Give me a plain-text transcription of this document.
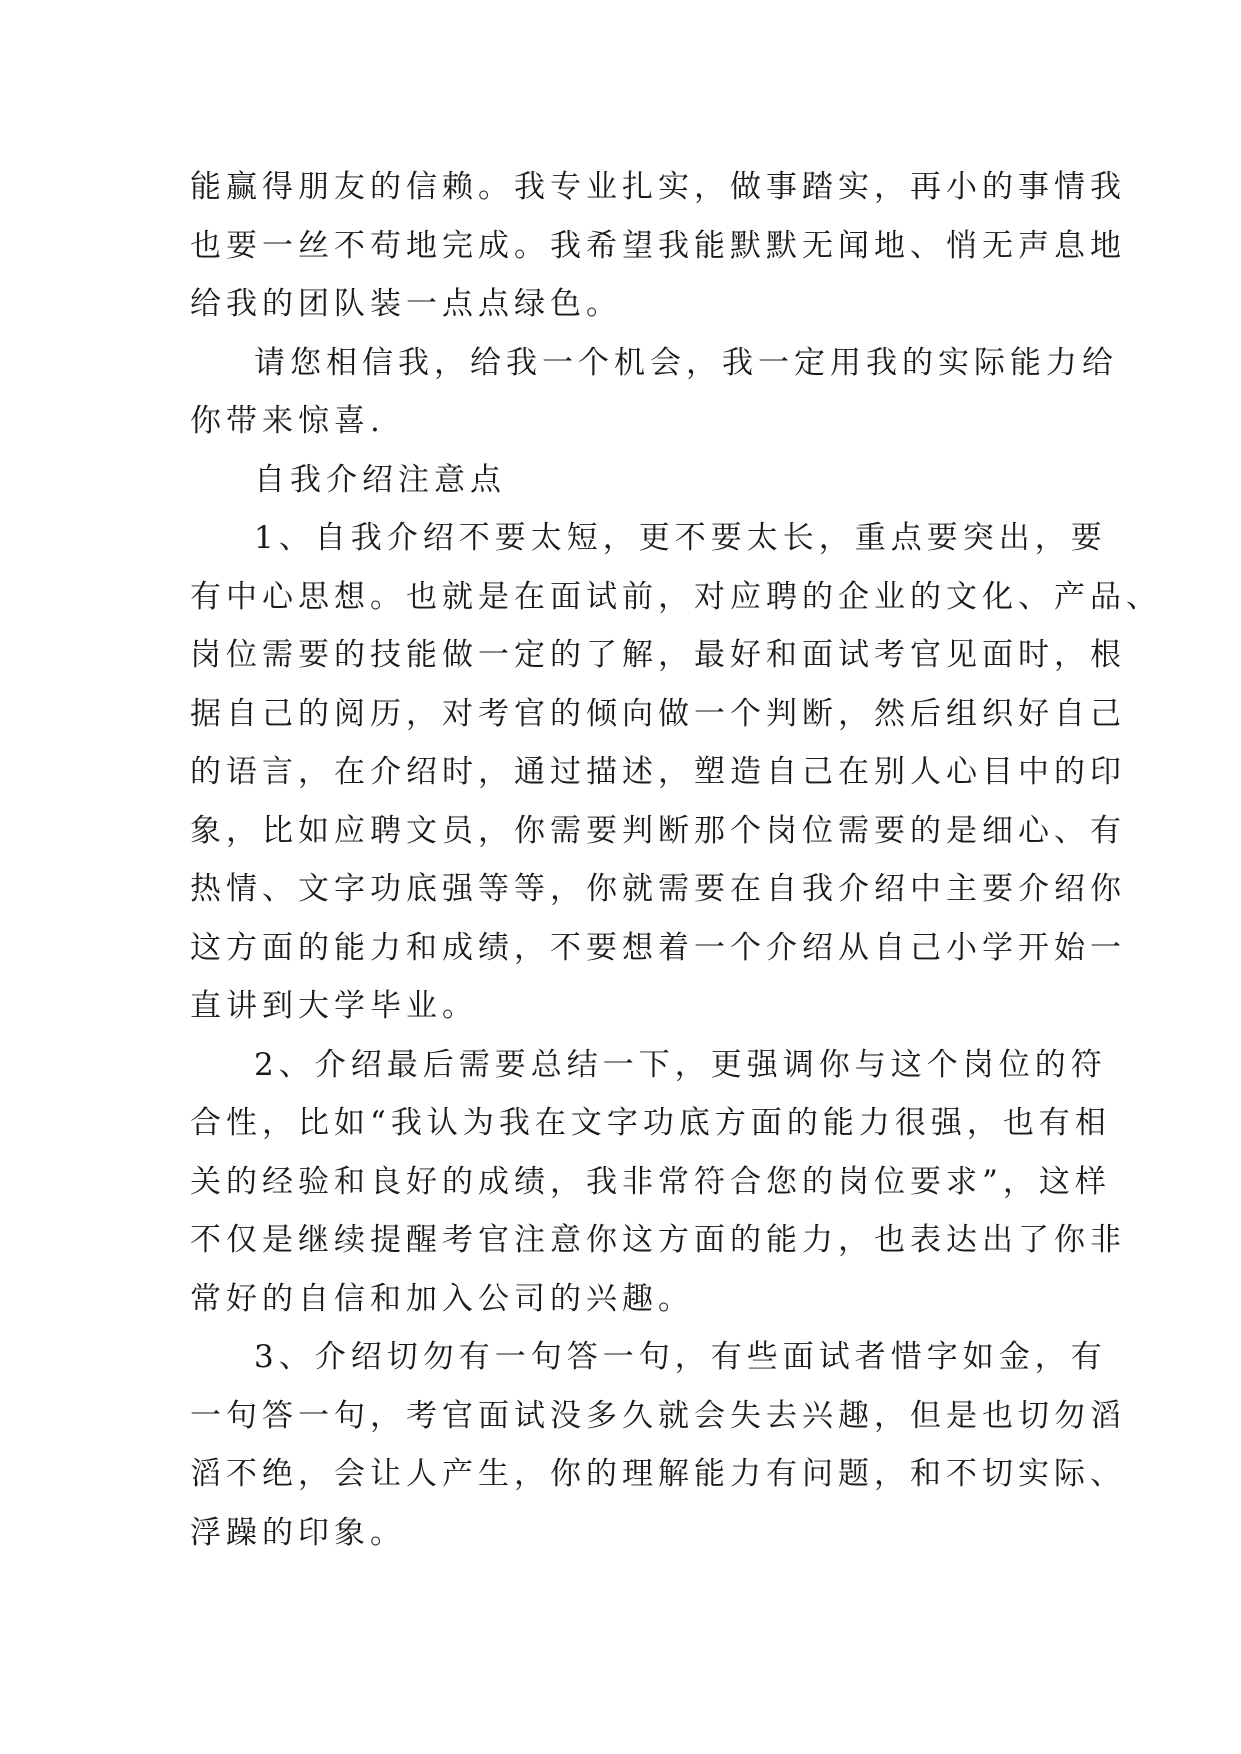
能赢得朋友的信赖。我专业扎实，做事踏实，再小的事情我
也要一丝不苟地完成。我希望我能默默无闻地、悄无声息地
给我的团队装一点点绿色。
请您相信我，给我一个机会，我一定用我的实际能力给
你带来惊喜.
自我介绍注意点
1、自我介绍不要太短，更不要太长，重点要突出，要
有中心思想。也就是在面试前，对应聘的企业的文化、产品、
岗位需要的技能做一定的了解，最好和面试考官见面时，根
据自己的阅历，对考官的倾向做一个判断，然后组织好自己
的语言，在介绍时，通过描述，塑造自己在别人心目中的印
象，比如应聘文员，你需要判断那个岗位需要的是细心、有
热情、文字功底强等等，你就需要在自我介绍中主要介绍你
这方面的能力和成绩，不要想着一个介绍从自己小学开始一
直讲到大学毕业。
2、介绍最后需要总结一下，更强调你与这个岗位的符
合性，比如“我认为我在文字功底方面的能力很强，也有相
关的经验和良好的成绩，我非常符合您的岗位要求”，这样
不仅是继续提醒考官注意你这方面的能力，也表达出了你非
常好的自信和加入公司的兴趣。
3、介绍切勿有一句答一句，有些面试者惜字如金，有
一句答一句，考官面试没多久就会失去兴趣，但是也切勿滔
滔不绝，会让人产生，你的理解能力有问题，和不切实际、
浮躁的印象。
